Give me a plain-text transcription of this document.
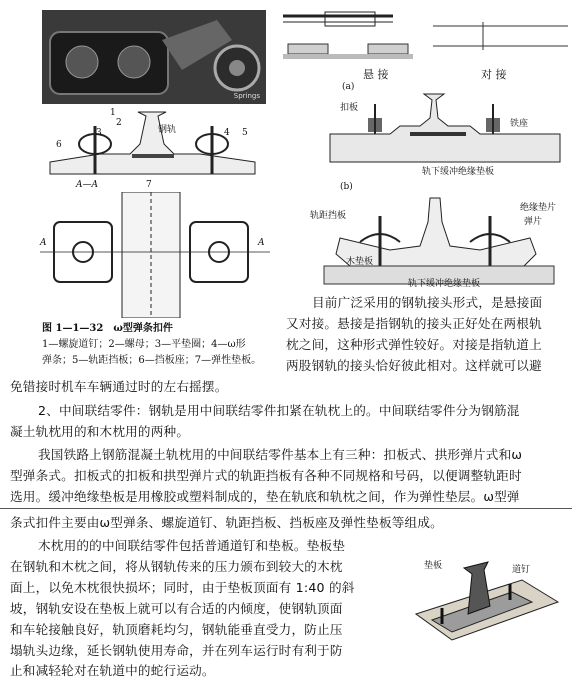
Springs
悬 接	对 接
(a)
扣板
铁座
轨下缓冲绝缘垫板
1
2
3	4 5
6
7
钢轨
A—A	(b)
轨距挡板
弹片
绝缘垫片
木垫板
轨下缓冲绝缘垫板
A	A
图 1—1—32　ω型弹条扣件
1—螺旋道钉；2—螺母；3—平垫圈；4—ω形
弹条；5—轨距挡板；6—挡板座；7—弹性垫板。
目前广泛采用的钢轨接头形式，是悬接面
又对接。悬接是指钢轨的接头正好处在两根轨
枕之间，这种形式弹性较好。对接是指轨道上
两股钢轨的接头恰好彼此相对。这样就可以避
免错接时机车车辆通过时的左右摇摆。
2、中间联结零件：钢轨是用中间联结零件扣紧在轨枕上的。中间联结零件分为钢筋混
凝土轨枕用的和木枕用的两种。
我国铁路上钢筋混凝土轨枕用的中间联结零件基本上有三种：扣板式、拱形弹片式和ω
型弹条式。扣板式的扣板和拱型弹片式的轨距挡板有各种不同规格和号码，以便调整轨距时
选用。缓冲绝缘垫板是用橡胶或塑料制成的，垫在轨底和轨枕之间，作为弹性垫层。ω型弹
条式扣件主要由ω型弹条、螺旋道钉、轨距挡板、挡板座及弹性垫板等组成。
木枕用的的中间联结零件包括普通道钉和垫板。垫板垫
在钢轨和木枕之间，将从钢轨传来的压力颁布到较大的木枕
面上，以免木枕很快损坏；同时，由于垫板顶面有 1:40 的斜
坡，钢轨安设在垫板上就可以有合适的内倾度，使钢轨顶面
和车轮接触良好，轨顶磨耗均匀，钢轨能垂直受力，防止压
塌轨头边缘，延长钢轨使用寿命，并在列车运行时有利于防
止和减轻轮对在轨道中的蛇行运动。
垫板	道钉
